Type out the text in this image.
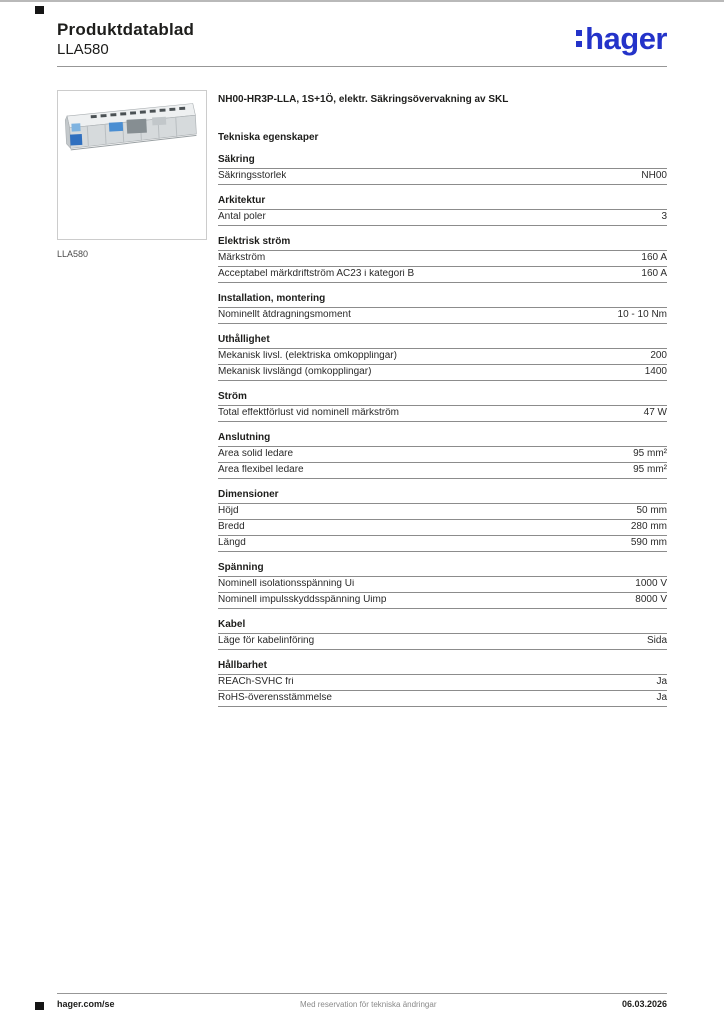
Produktdatablad
LLA580	hager
LLA580
NH00-HR3P-LLA, 1S+1Ö, elektr. Säkringsövervakning av SKL
Tekniska egenskaper
Säkring
Säkringsstorlek	NH00
Arkitektur
Antal poler	3
Elektrisk ström
Märkström	160 A
Acceptabel märkdriftström AC23 i kategori B	160 A
Installation, montering
Nominellt åtdragningsmoment	10 - 10 Nm
Uthållighet
Mekanisk livsl. (elektriska omkopplingar)	200
Mekanisk livslängd (omkopplingar)	1400
Ström
Total effektförlust vid nominell märkström	47 W
Anslutning
Area solid ledare	95 mm²
Area flexibel ledare	95 mm²
Dimensioner
Höjd	50 mm
Bredd	280 mm
Längd	590 mm
Spänning
Nominell isolationsspänning Ui	1000 V
Nominell impulsskyddsspänning Uimp	8000 V
Kabel
Läge för kabelinföring	Sida
Hållbarhet
REACh-SVHC fri	Ja
RoHS-överensstämmelse	Ja
hager.com/se	Med reservation för tekniska ändringar	06.03.2026
